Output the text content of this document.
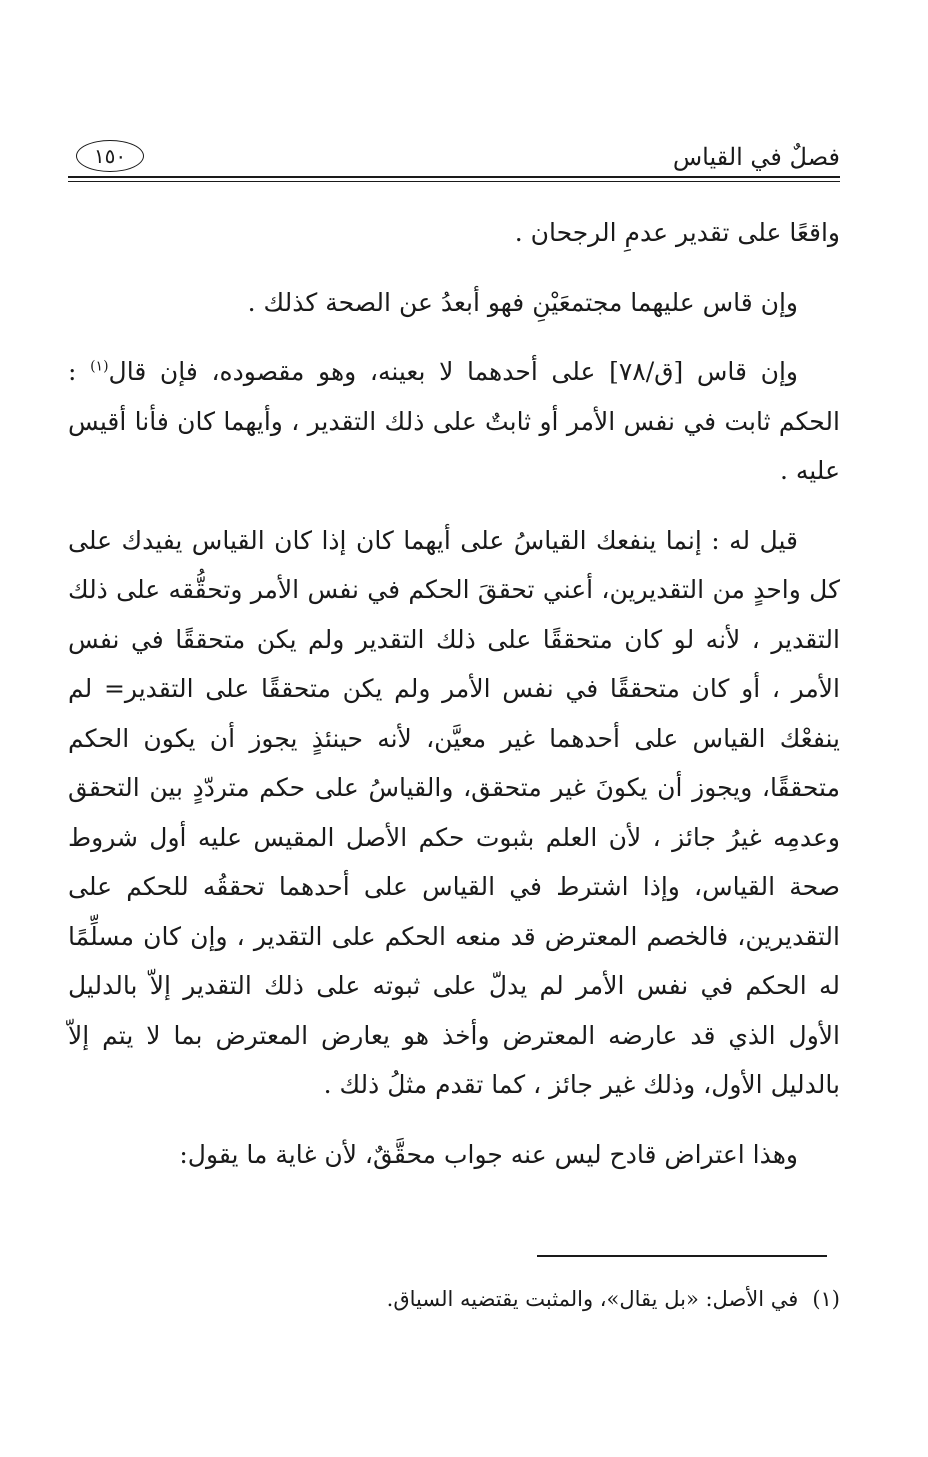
فصلٌ في القياس
١٥٠

واقعًا على تقدير عدمِ الرجحان .

وإن قاس عليهما مجتمعَيْنِ فهو أبعدُ عن الصحة كذلك .

وإن قاس [ق/٧٨] على أحدهما لا بعينه، وهو مقصوده، فإن قال$^{(١)}$ : الحكم ثابت في نفس الأمر أو ثابتٌ على ذلك التقدير ، وأيهما كان فأنا أقيس عليه .

قيل له : إنما ينفعك القياسُ على أيهما كان إذا كان القياس يفيدك على كل واحدٍ من التقديرين، أعني تحققَ الحكم في نفس الأمر وتحقُّقه على ذلك التقدير ، لأنه لو كان متحققًا على ذلك التقدير ولم يكن متحققًا في نفس الأمر ، أو كان متحققًا في نفس الأمر ولم يكن متحققًا على التقدير= لم ينفعْك القياس على أحدهما غير معيَّن، لأنه حينئذٍ يجوز أن يكون الحكم متحققًا، ويجوز أن يكونَ غير متحقق، والقياسُ على حكم متردّدٍ بين التحقق وعدمِه غيرُ جائز ، لأن العلم بثبوت حكم الأصل المقيس عليه أول شروط صحة القياس، وإذا اشترط في القياس على أحدهما تحققُه للحكم على التقديرين، فالخصم المعترض قد منعه الحكم على التقدير ، وإن كان مسلِّمًا له الحكم في نفس الأمر لم يدلّ على ثبوته على ذلك التقدير إلاّ بالدليل الأول الذي قد عارضه المعترض وأخذ هو يعارض المعترض بما لا يتم إلاّ بالدليل الأول، وذلك غير جائز ، كما تقدم مثلُ ذلك .

وهذا اعتراض قادح ليس عنه جواب محقَّقٌ، لأن غاية ما يقول:

(١)في الأصل: «بل يقال»، والمثبت يقتضيه السياق.
